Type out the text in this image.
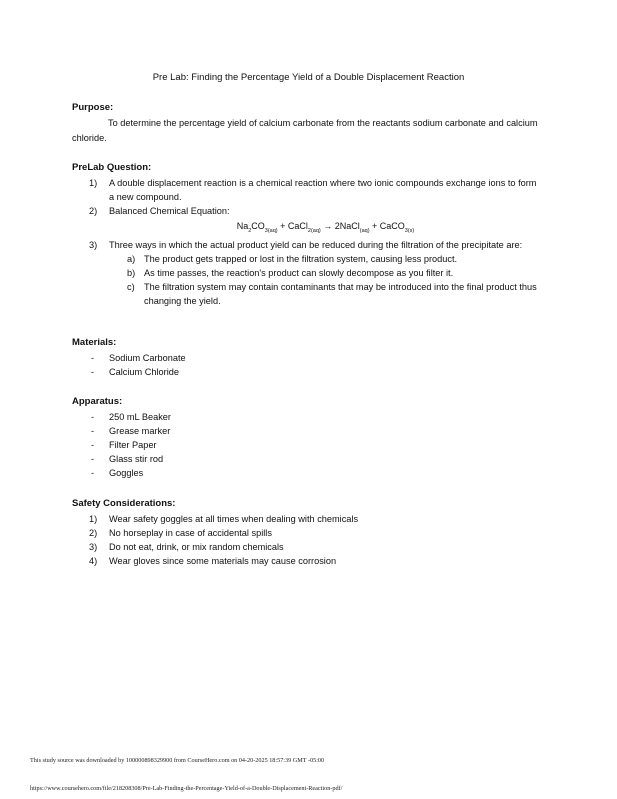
Pre Lab: Finding the Percentage Yield of a Double Displacement Reaction
Purpose:
To determine the percentage yield of calcium carbonate from the reactants sodium carbonate and calcium chloride.
PreLab Question:
1) A double displacement reaction is a chemical reaction where two ionic compounds exchange ions to form a new compound.
2) Balanced Chemical Equation:
$Na_2CO_{3(aq)}$ + CaCl$_{2(aq)}$ → 2NaCl$_{(aq)}$ + CaCO$_{3(s)}$
3) Three ways in which the actual product yield can be reduced during the filtration of the precipitate are:
a) The product gets trapped or lost in the filtration system, causing less product.
b) As time passes, the reaction's product can slowly decompose as you filter it.
c) The filtration system may contain contaminants that may be introduced into the final product thus changing the yield.
Materials:
- Sodium Carbonate
- Calcium Chloride
Apparatus:
- 250 mL Beaker
- Grease marker
- Filter Paper
- Glass stir rod
- Goggles
Safety Considerations:
1) Wear safety goggles at all times when dealing with chemicals
2) No horseplay in case of accidental spills
3) Do not eat, drink, or mix random chemicals
4) Wear gloves since some materials may cause corrosion
This study source was downloaded by 100000898329900 from CourseHero.com on 04-20-2025 18:57:39 GMT -05:00
https://www.coursehero.com/file/218208308/Pre-Lab-Finding-the-Percentage-Yield-of-a-Double-Displacement-Reaction-pdf/
